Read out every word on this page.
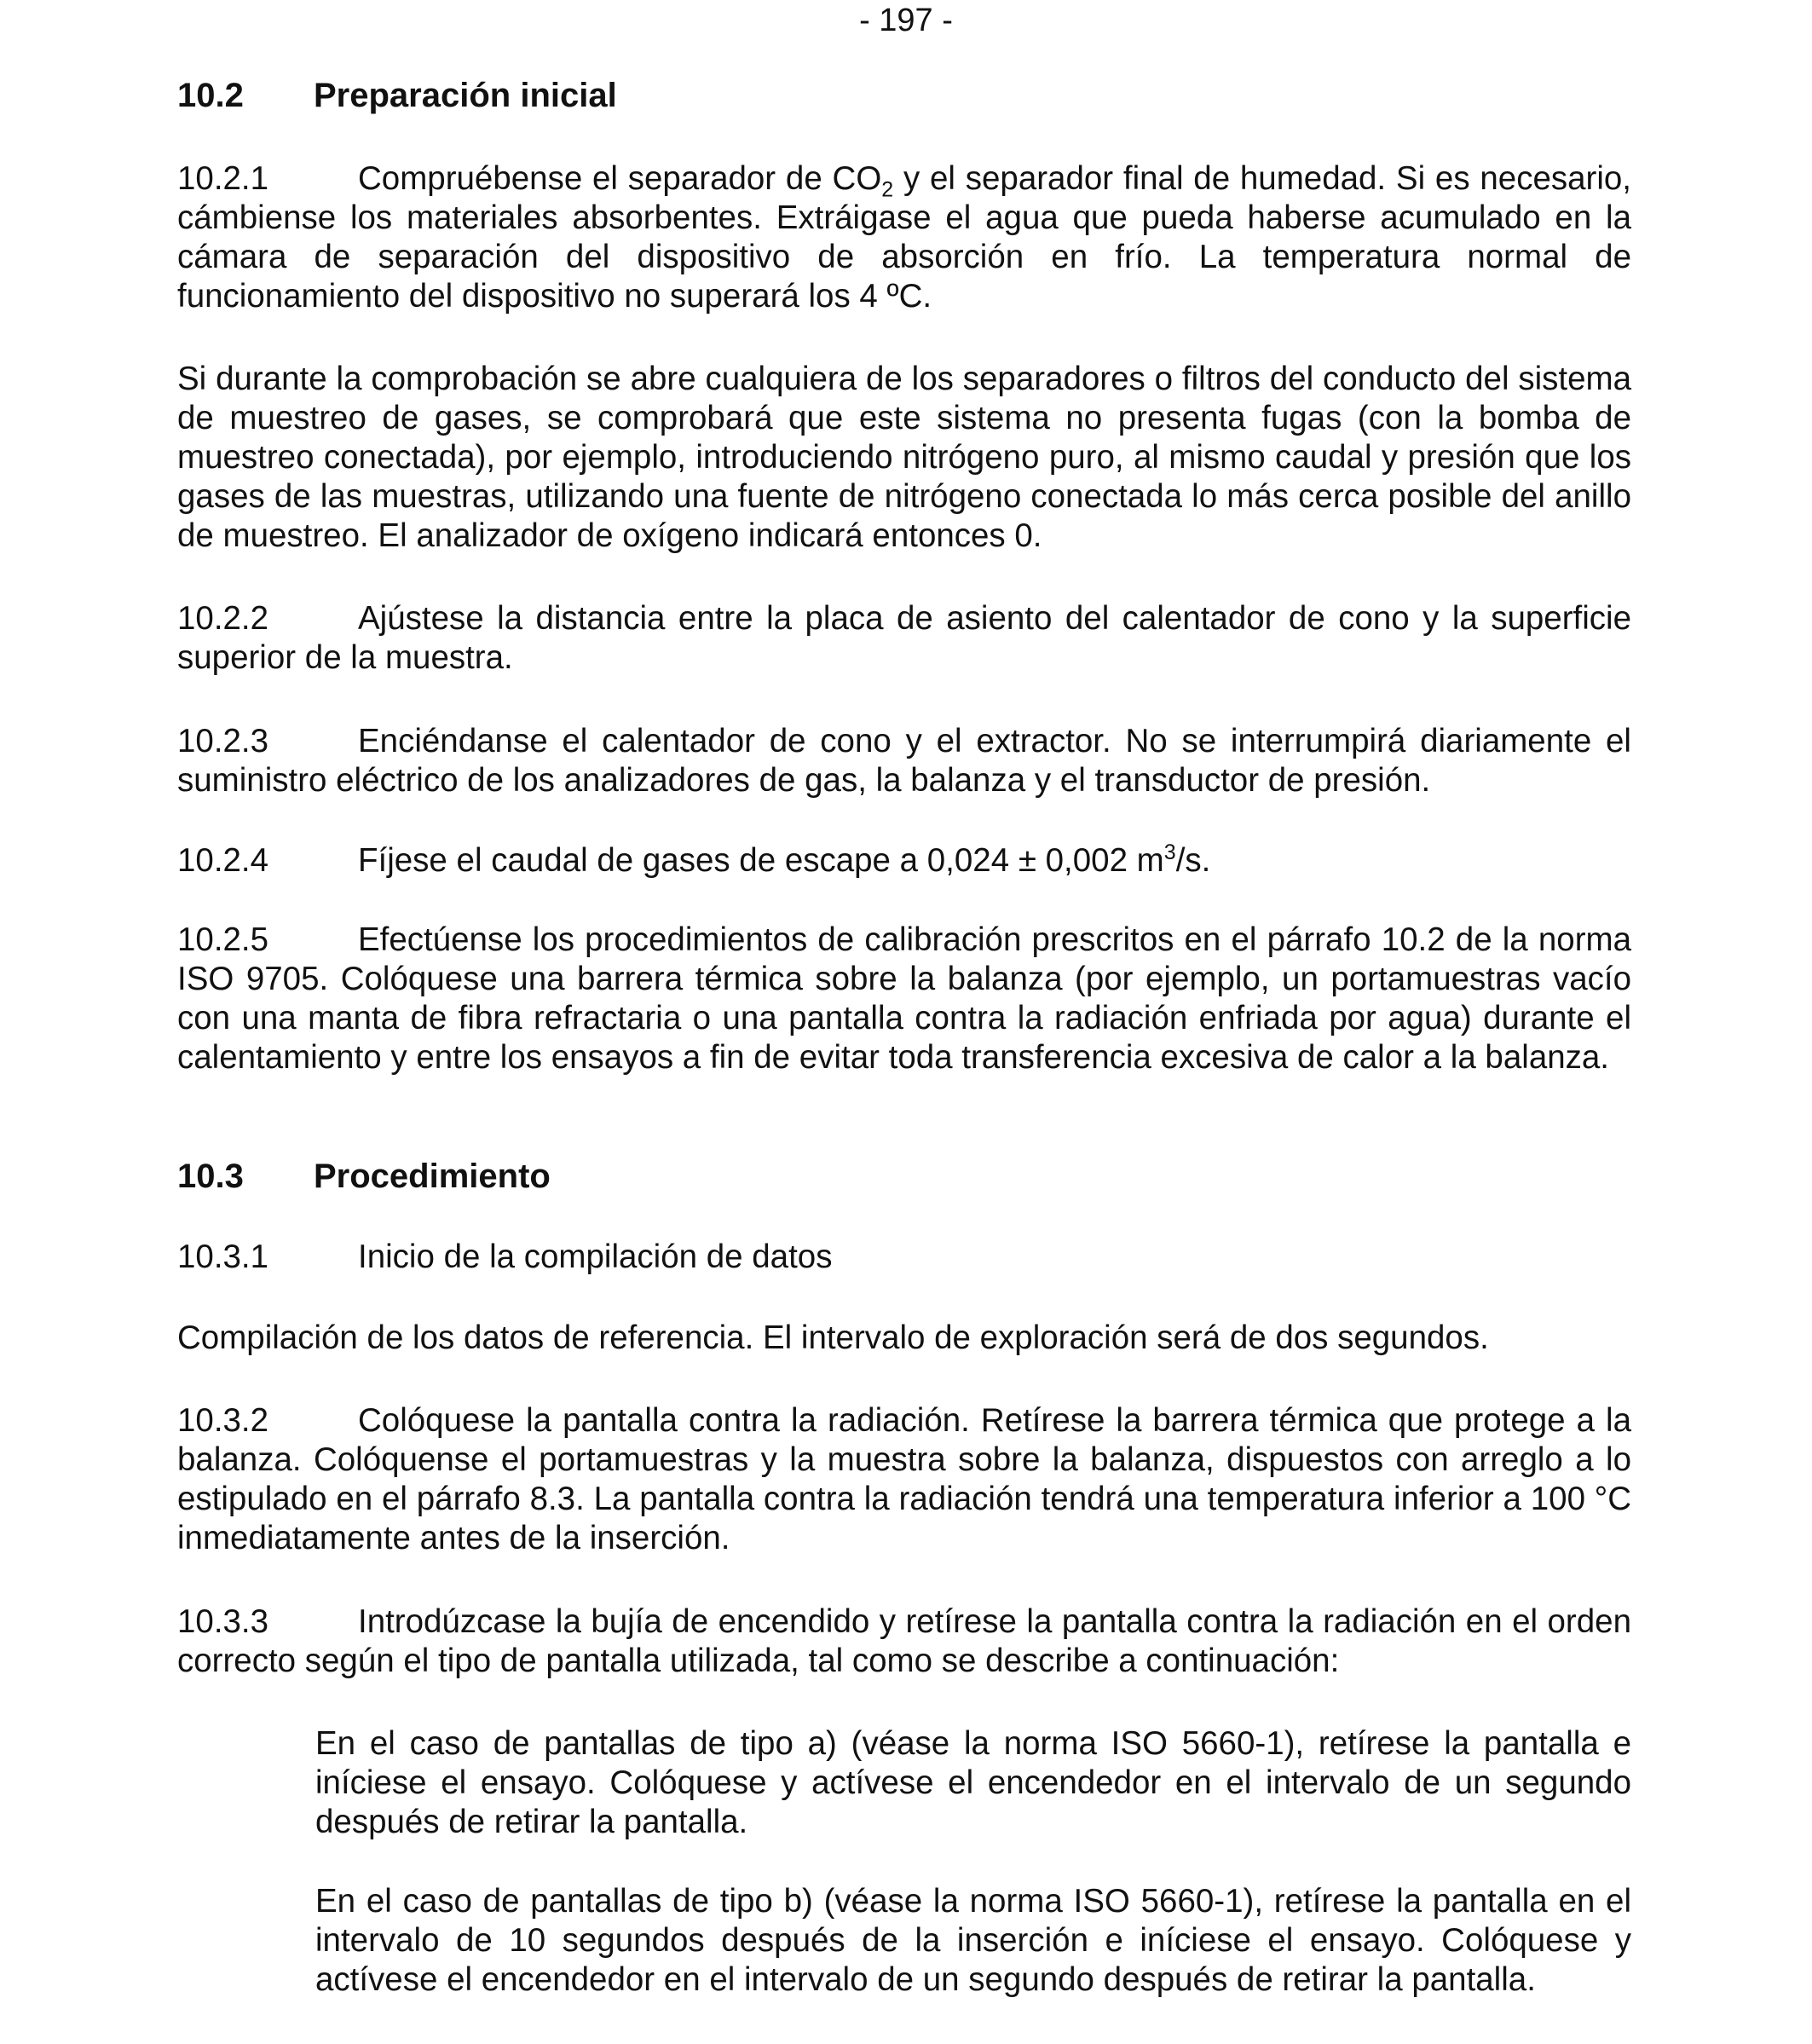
- 197 -
10.2 Preparación inicial
10.2.1	Compruébense el separador de $CO_2$ y el separador final de humedad. Si es necesario, cámbiense los materiales absorbentes. Extráigase el agua que pueda haberse acumulado en la cámara de separación del dispositivo de absorción en frío. La temperatura normal de funcionamiento del dispositivo no superará los 4 ºC.
Si durante la comprobación se abre cualquiera de los separadores o filtros del conducto del sistema de muestreo de gases, se comprobará que este sistema no presenta fugas (con la bomba de muestreo conectada), por ejemplo, introduciendo nitrógeno puro, al mismo caudal y presión que los gases de las muestras, utilizando una fuente de nitrógeno conectada lo más cerca posible del anillo de muestreo. El analizador de oxígeno indicará entonces 0.
10.2.2	Ajústese la distancia entre la placa de asiento del calentador de cono y la superficie superior de la muestra.
10.2.3	Enciéndanse el calentador de cono y el extractor. No se interrumpirá diariamente el suministro eléctrico de los analizadores de gas, la balanza y el transductor de presión.
10.2.4	Fíjese el caudal de gases de escape a 0,024 ± 0,002 $m^3/s$.
10.2.5	Efectúense los procedimientos de calibración prescritos en el párrafo 10.2 de la norma ISO 9705. Colóquese una barrera térmica sobre la balanza (por ejemplo, un portamuestras vacío con una manta de fibra refractaria o una pantalla contra la radiación enfriada por agua) durante el calentamiento y entre los ensayos a fin de evitar toda transferencia excesiva de calor a la balanza.
10.3 Procedimiento
10.3.1	Inicio de la compilación de datos
Compilación de los datos de referencia. El intervalo de exploración será de dos segundos.
10.3.2	Colóquese la pantalla contra la radiación. Retírese la barrera térmica que protege a la balanza. Colóquense el portamuestras y la muestra sobre la balanza, dispuestos con arreglo a lo estipulado en el párrafo 8.3. La pantalla contra la radiación tendrá una temperatura inferior a 100 °C inmediatamente antes de la inserción.
10.3.3	Introdúzcase la bujía de encendido y retírese la pantalla contra la radiación en el orden correcto según el tipo de pantalla utilizada, tal como se describe a continuación:
En el caso de pantallas de tipo a) (véase la norma ISO 5660-1), retírese la pantalla e iníciese el ensayo. Colóquese y actívese el encendedor en el intervalo de un segundo después de retirar la pantalla.
En el caso de pantallas de tipo b) (véase la norma ISO 5660-1), retírese la pantalla en el intervalo de 10 segundos después de la inserción e iníciese el ensayo. Colóquese y actívese el encendedor en el intervalo de un segundo después de retirar la pantalla.
